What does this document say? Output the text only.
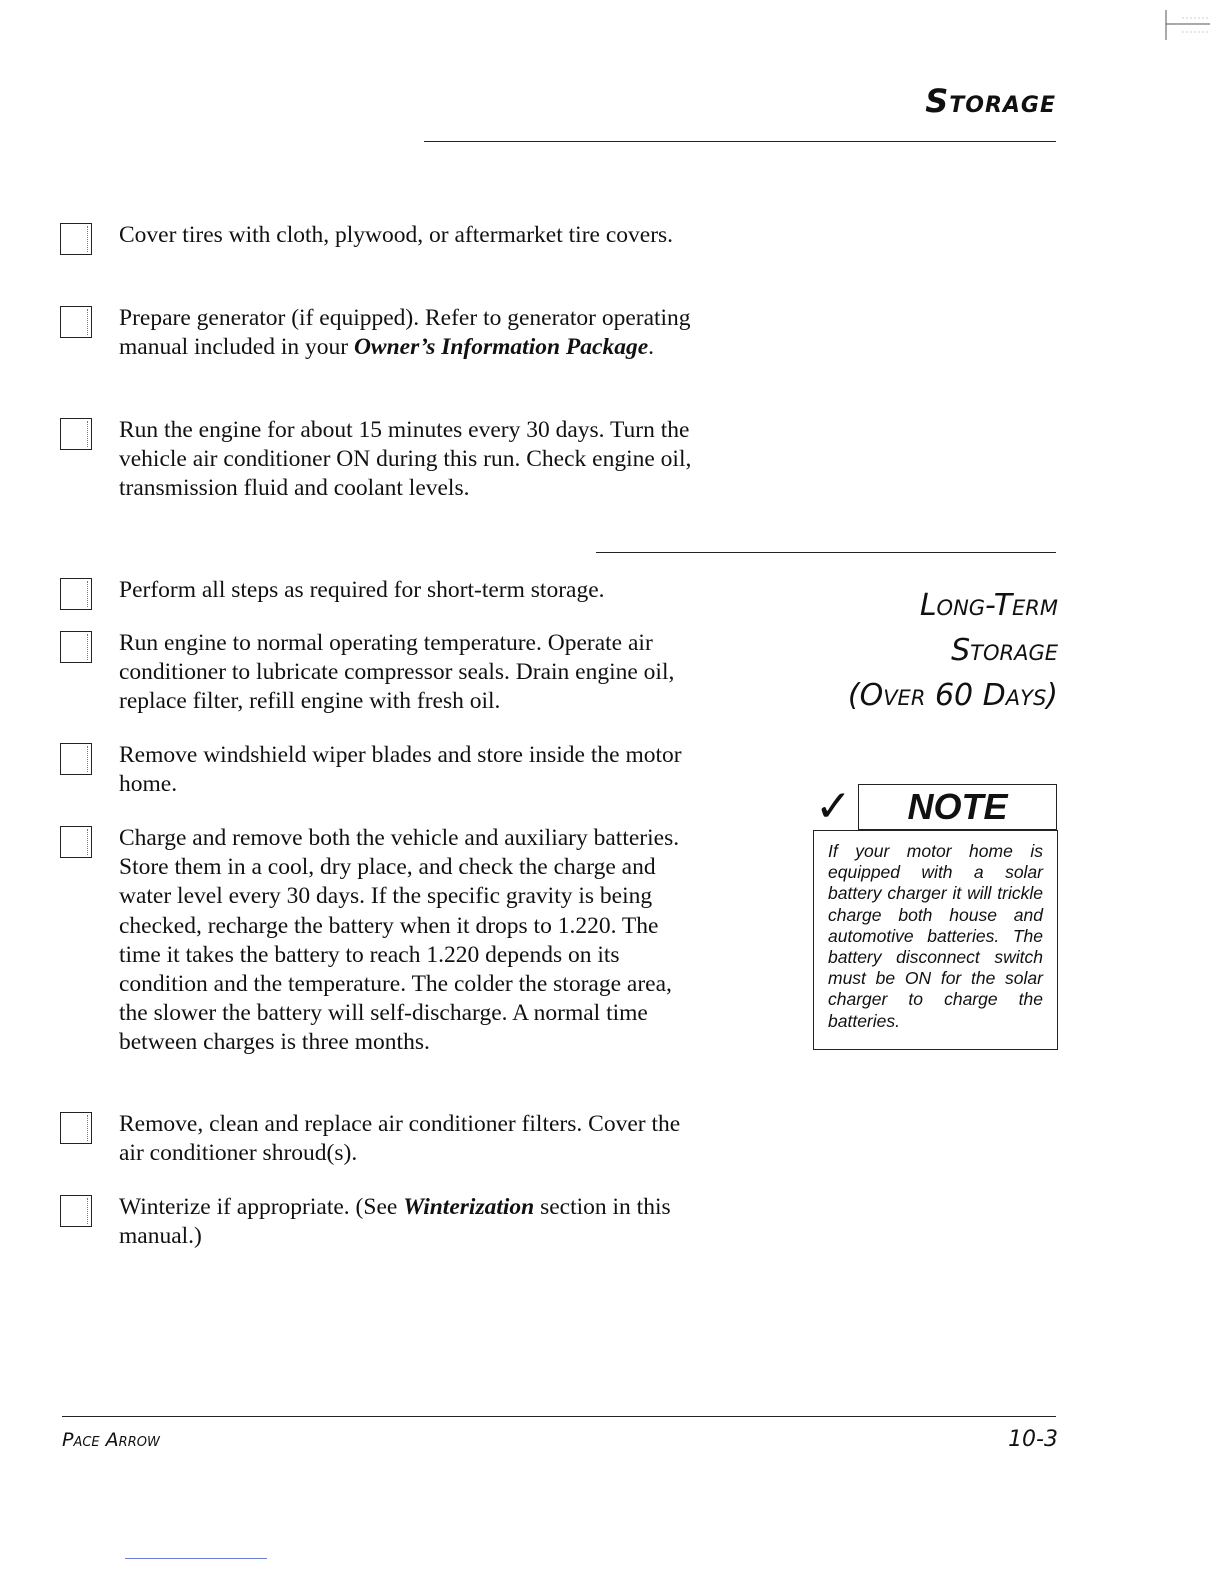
Storage
Cover tires with cloth, plywood, or aftermarket tire covers.
Prepare generator (if equipped). Refer to generator operating manual included in your Owner’s Information Package.
Run the engine for about 15 minutes every 30 days. Turn the vehicle air conditioner ON during this run. Check engine oil, transmission fluid and coolant levels.
Long-Term
Storage
(Over 60 Days)
Perform all steps as required for short-term storage.
Run engine to normal operating temperature. Operate air conditioner to lubricate compressor seals. Drain engine oil, replace filter, refill engine with fresh oil.
Remove windshield wiper blades and store inside the motor home.
Charge and remove both the vehicle and auxiliary batteries. Store them in a cool, dry place, and check the charge and water level every 30 days. If the specific gravity is being checked, recharge the battery when it drops to 1.220. The time it takes the battery to reach 1.220 depends on its condition and the temperature. The colder the storage area, the slower the battery will self-discharge. A normal time between charges is three months.
Remove, clean and replace air conditioner filters. Cover the air conditioner shroud(s).
Winterize if appropriate. (See Winterization section in this manual.)
✓	NOTE
If your motor home is equipped with a solar battery charger it will trickle charge both house and automotive batteries. The battery disconnect switch must be ON for the solar charger to charge the batteries.
Pace Arrow	10-3
